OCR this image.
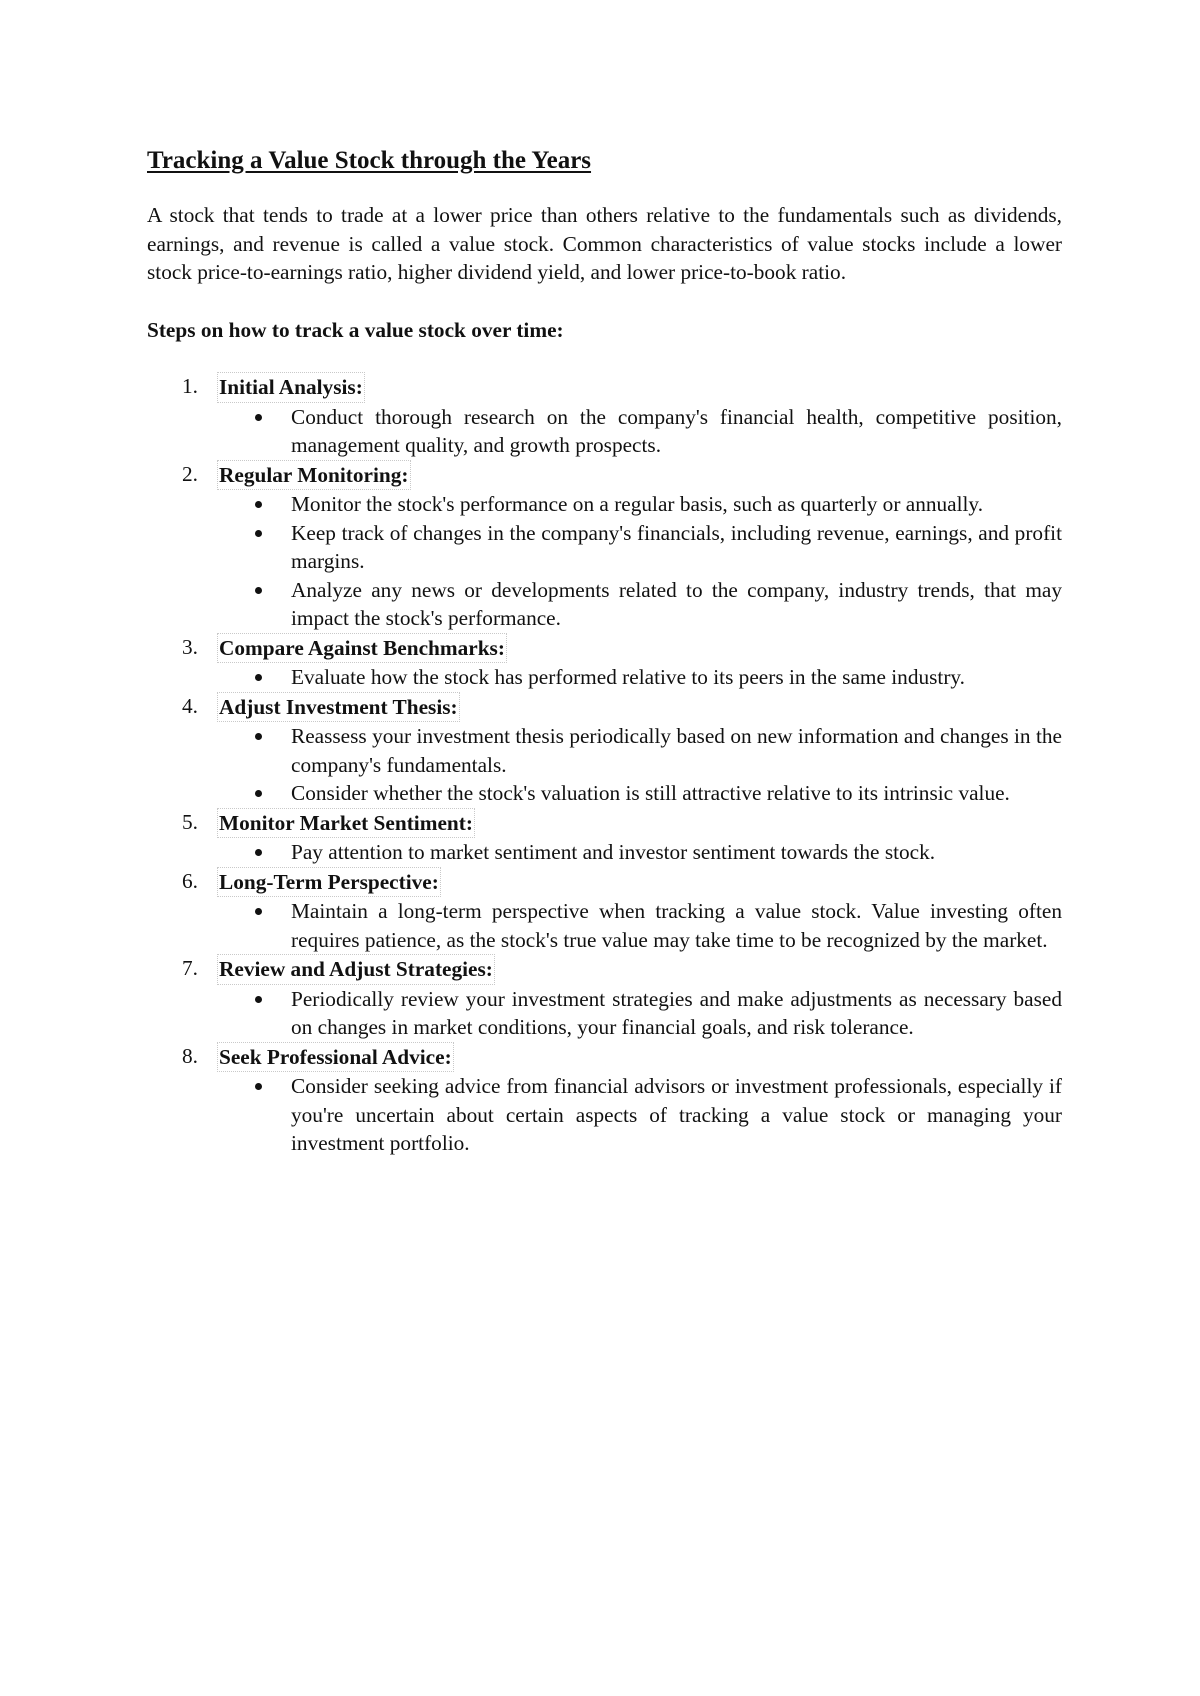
Tracking a Value Stock through the Years

A stock that tends to trade at a lower price than others relative to the fundamentals such as dividends, earnings, and revenue is called a value stock. Common characteristics of value stocks include a lower stock price-to-earnings ratio, higher dividend yield, and lower price-to-book ratio.

Steps on how to track a value stock over time:
1. Initial Analysis:
Conduct thorough research on the company's financial health, competitive position, management quality, and growth prospects.
2. Regular Monitoring:
Monitor the stock's performance on a regular basis, such as quarterly or annually.
Keep track of changes in the company's financials, including revenue, earnings, and profit margins.
Analyze any news or developments related to the company, industry trends, that may impact the stock's performance.
3. Compare Against Benchmarks:
Evaluate how the stock has performed relative to its peers in the same industry.
4. Adjust Investment Thesis:
Reassess your investment thesis periodically based on new information and changes in the company's fundamentals.
Consider whether the stock's valuation is still attractive relative to its intrinsic value.
5. Monitor Market Sentiment:
Pay attention to market sentiment and investor sentiment towards the stock.
6. Long-Term Perspective:
Maintain a long-term perspective when tracking a value stock. Value investing often requires patience, as the stock's true value may take time to be recognized by the market.
7. Review and Adjust Strategies:
Periodically review your investment strategies and make adjustments as necessary based on changes in market conditions, your financial goals, and risk tolerance.
8. Seek Professional Advice:
Consider seeking advice from financial advisors or investment professionals, especially if you're uncertain about certain aspects of tracking a value stock or managing your investment portfolio.
